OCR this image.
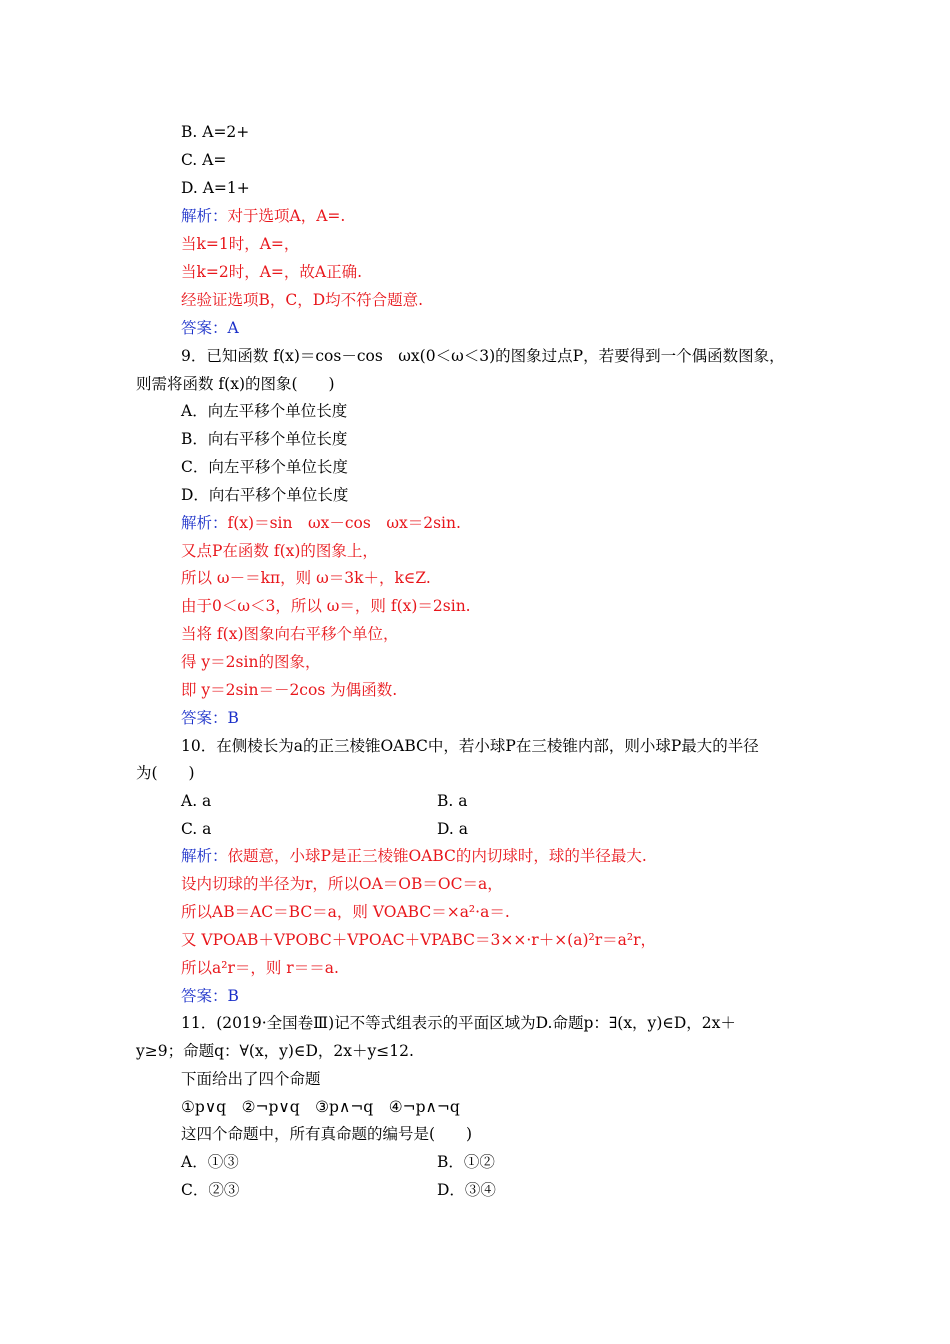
B. A=2+
C. A=
D. A=1+
解析：对于选项A，A=.
当k=1时，A=，
当k=2时，A=，故A正确.
经验证选项B，C，D均不符合题意.
答案：A
9．已知函数 f(x)＝cos－cos　ωx(0＜ω＜3)的图象过点P，若要得到一个偶函数图象，
则需将函数 f(x)的图象(　　)
A．向左平移个单位长度
B．向右平移个单位长度
C．向左平移个单位长度
D．向右平移个单位长度
解析：f(x)＝sin　ωx－cos　ωx＝2sin.
又点P在函数 f(x)的图象上，
所以 ω－＝kπ，则 ω＝3k＋，k∈Z.
由于0＜ω＜3，所以 ω＝，则 f(x)＝2sin.
当将 f(x)图象向右平移个单位，
得 y＝2sin的图象，
即 y＝2sin＝－2cos 为偶函数.
答案：B
10．在侧棱长为a的正三棱锥OABC中，若小球P在三棱锥内部，则小球P最大的半径
为(　　)
A. a	B. a
C. a	D. a
解析：依题意，小球P是正三棱锥OABC的内切球时，球的半径最大.
设内切球的半径为r，所以OA＝OB＝OC＝a，
所以AB＝AC＝BC＝a，则 VOABC＝×a²·a＝.
又 VPOAB＋VPOBC＋VPOAC＋VPABC＝3××·r＋×(a)²r＝a²r，
所以a²r＝，则 r＝＝a.
答案：B
11．(2019·全国卷Ⅲ)记不等式组表示的平面区域为D.命题p：∃(x，y)∈D，2x＋
y≥9；命题q：∀(x，y)∈D，2x＋y≤12.
下面给出了四个命题
①p∨q　②¬p∨q　③p∧¬q　④¬p∧¬q
这四个命题中，所有真命题的编号是(　　)
A．①③	B．①②
C．②③	D．③④
